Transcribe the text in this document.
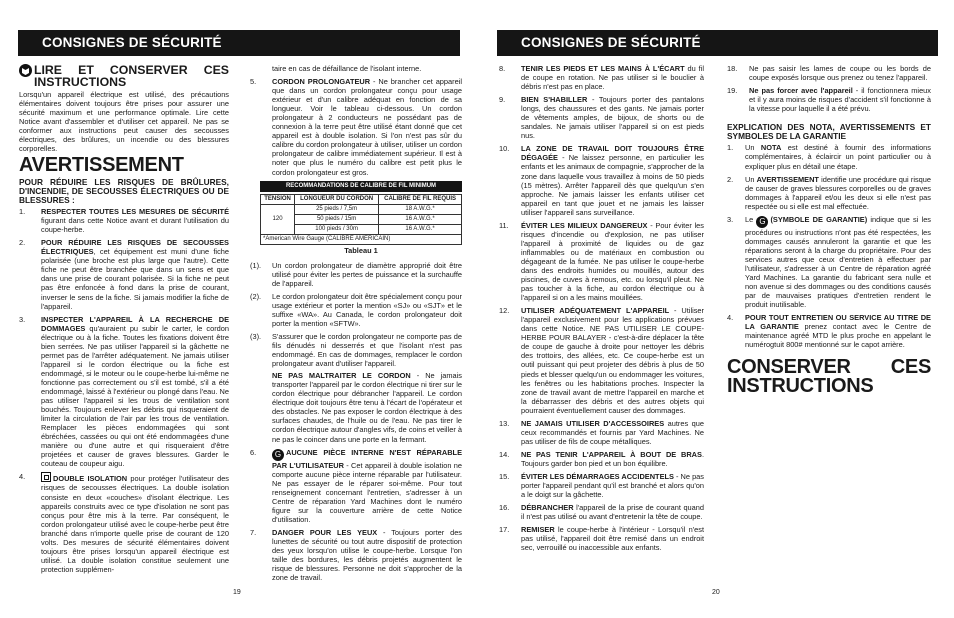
CONSIGNES DE SÉCURITÉ	CONSIGNES DE SÉCURITÉ
LIRE ET CONSERVER CES INSTRUCTIONS
Lorsqu'un appareil électrique est utilisé, des précautions élémentaires doivent toujours être prises pour assurer une sécurité maximum et une performance optimale. Lire cette Notice avant d'assembler et d'utiliser cet appareil. Ne pas se conformer aux instructions peut causer des secousses électriques, des brûlures, un incendie ou des blessures corporelles.
AVERTISSEMENT
POUR RÉDUIRE LES RISQUES DE BRÛLURES, D'INCENDIE, DE SECOUSSES ÉLECTRIQUES OU DE BLESSURES :
1.	RESPECTER TOUTES LES MESURES DE SÉCURITÉ figurant dans cette Notice avant et durant l'utilisation du coupe-herbe.
2.	POUR RÉDUIRE LES RISQUES DE SECOUSSES ÉLECTRIQUES, cet équipement est muni d'une fiche polarisée (une broche est plus large que l'autre). Cette fiche ne peut être branchée que dans un sens et que dans une prise de courant polarisée. Si la fiche ne peut pas être enfoncée à fond dans la prise de courant, inverser le sens de la fiche. Si jamais modifier la fiche de l'appareil.
3.	INSPECTER L'APPAREIL À LA RECHERCHE DE DOMMAGES qu'auraient pu subir le carter, le cordon électrique ou à la fiche. Toutes les fixations doivent être bien serrées. Ne pas utiliser l'appareil si la gâchette ne permet pas de l'arrêter adéquatement. Ne jamais utiliser l'appareil si le cordon électrique ou la fiche est endommagé, si le moteur ou le coupe-herbe lui-même ne fonctionne pas correctement ou s'il est tombé, s'il a été endommagé, laissé à l'extérieur ou plongé dans l'eau. Ne pas utiliser l'appareil si les trous de ventilation sont bouchés. Toujours enlever les débris qui risqueraient de limiter la circulation de l'air par les trous de ventilation. Remplacer les pièces endommagées qui sont ébréchées, cassées ou qui ont été endommagées d'une manière ou d'une autre et qui risqueraient d'être projetées et causer de graves blessures. Garder le couteau de coupeur aigu.
4.	DOUBLE ISOLATION pour protéger l'utilisateur des risques de secousses électriques. La double isolation consiste en deux «couches» d'isolant électrique. Les appareils construits avec ce type d'isolation ne sont pas conçus pour être mis à la terre. Par conséquent, le cordon prolongateur utilisé avec le coupe-herbe peut être branché dans n'importe quelle prise de courant de 120 volts. Des mesures de sécurité élémentaires doivent toujours être prises lorsqu'un appareil électrique est utilisé. La double isolation constitue seulement une protection supplémen-
taire en cas de défaillance de l'isolant interne.
5.	CORDON PROLONGATEUR - Ne brancher cet appareil que dans un cordon prolongateur conçu pour usage extérieur et d'un calibre adéquat en fonction de sa longueur. Voir le tableau ci-dessous. Un cordon prolongateur à 2 conducteurs ne possédant pas de connexion à la terre peut être utilisé étant donné que cet appareil est à double isolation. Si l'on n'est pas sûr du calibre du cordon prolongateur à utiliser, utiliser un cordon prolongateur de calibre immédiatement supérieur. Il est à noter que plus le numéro du calibre est petit plus le cordon prolongateur est gros.
RECOMMANDATIONS DE CALIBRE DE FIL MINIMUM
TENSION	LONGUEUR DU CORDON	CALIBRE DE FIL REQUIS
120	25 pieds / 7,5m	18 A.W.G.*
	50 pieds / 15m	16 A.W.G.*
	100 pieds / 30m	16 A.W.G.*
*American Wire Gauge (CALIBRE AMERICAIN)		
Tableau 1
(1).	Un cordon prolongateur de diamètre approprié doit être utilisé pour éviter les pertes de puissance et la surchauffe de l'appareil.
(2).	Le cordon prolongateur doit être spécialement conçu pour usage extérieur et porter la mention «SJ» ou «SJT» et le suffixe «WA». Au Canada, le cordon prolongateur doit porter la mention «SFTW».
(3).	S'assurer que le cordon prolongateur ne comporte pas de fils dénudés ni desserrés et que l'isolant n'est pas endommagé. En cas de dommages, remplacer le cordon prolongateur avant d'utiliser l'appareil.
NE PAS MALTRAITER LE CORDON - Ne jamais transporter l'appareil par le cordon électrique ni tirer sur le cordon électrique pour débrancher l'appareil. Le cordon électrique doit toujours être tenu à l'écart de l'opérateur et des obstacles. Ne pas exposer le cordon électrique à des surfaces chaudes, de l'huile ou de l'eau. Ne pas tirer le cordon électrique autour d'angles vifs, de coins et veiller à ne pas le coincer dans une porte en la fermant.
6.	G AUCUNE PIÈCE INTERNE N'EST RÉPARABLE PAR L'UTILISATEUR - Cet appareil à double isolation ne comporte aucune pièce interne réparable par l'utilisateur. Ne pas essayer de le réparer soi-même. Pour tout renseignement concernant l'entretien, s'adresser à un Centre de réparation Yard Machines dont le numéro figure sur la couverture arrière de cette Notice d'utilisation.
7.	DANGER POUR LES YEUX - Toujours porter des lunettes de sécurité ou tout autre dispositif de protection des yeux lorsqu'on utilise le coupe-herbe. Lorsque l'on taille des bordures, les débris projetés augmentent le risque de blessures. Personne ne doit s'approcher de la zone de travail.
19
8.	TENIR LES PIEDS ET LES MAINS À L'ÉCART du fil de coupe en rotation. Ne pas utiliser si le bouclier à débris n'est pas en place.
9.	BIEN S'HABILLER - Toujours porter des pantalons longs, des chaussures et des gants. Ne jamais porter de vêtements amples, de bijoux, de shorts ou de sandales. Ne jamais utiliser l'appareil si on est pieds nus.
10.	LA ZONE DE TRAVAIL DOIT TOUJOURS ÊTRE DÉGAGÉE - Ne laissez personne, en particulier les enfants et les animaux de compagnie, s'approcher de la zone dans laquelle vous travaillez à moins de 50 pieds (15 mètres). Arrêter l'appareil dès que quelqu'un s'en approche. Ne jamais laisser les enfants utiliser cet appareil en tant que jouet et ne jamais les laisser utiliser l'appareil sans surveillance.
11.	ÉVITER LES MILIEUX DANGEREUX - Pour éviter les risques d'incendie ou d'explosion, ne pas utiliser l'appareil à proximité de liquides ou de gaz inflammables ou de matériaux en combustion ou dégageant de la fumée. Ne pas utiliser le coupe-herbe dans des endroits humides ou mouillés, autour des piscines, de cuves à remous, etc. ou lorsqu'il pleut. Ne pas toucher à la fiche, au cordon électrique ou à l'appareil si on a les mains mouillées.
12.	UTILISER ADÉQUATEMENT L'APPAREIL - Utiliser l'appareil exclusivement pour les applications prévues dans cette Notice. NE PAS UTILISER LE COUPE-HERBE POUR BALAYER - c'est-à-dire déplacer la tête de coupe de gauche à droite pour nettoyer les débris des trottoirs, des allées, etc. Ce coupe-herbe est un outil puissant qui peut projeter des débris à plus de 50 pieds et blesser quelqu'un ou endommager les voitures, les fenêtres ou les habitations proches. Inspecter la zone de travail avant de mettre l'appareil en marche et la débarrasser des débris et des autres objets qui pourraient éventuellement causer des dommages.
13.	NE JAMAIS UTILISER D'ACCESSOIRES autres que ceux recommandés et fournis par Yard Machines. Ne pas utiliser de fils de coupe métalliques.
14.	NE PAS TENIR L'APPAREIL À BOUT DE BRAS. Toujours garder bon pied et un bon équilibre.
15.	ÉVITER LES DÉMARRAGES ACCIDENTELS - Ne pas porter l'appareil pendant qu'il est branché et alors qu'on a le doigt sur la gâchette.
16.	DÉBRANCHER l'appareil de la prise de courant quand il n'est pas utilisé ou avant d'entretenir la tête de coupe.
17.	REMISER le coupe-herbe à l'intérieur - Lorsqu'il n'est pas utilisé, l'appareil doit être remisé dans un endroit sec, verrouillé ou inaccessible aux enfants.
20
18.	Ne pas saisir les lames de coupe ou les bords de coupe exposés lorsque ous prenez ou tenez l'appareil.
19.	Ne pas forcer avec l'appareil - il fonctionnera mieux et il y aura moins de risques d'accident s'il fonctionne à la vitesse pour laquelle il a été prévu.
EXPLICATION DES NOTA, AVERTISSEMENTS ET SYMBOLES DE LA GARANTIE
1.	Un NOTA est destiné à fournir des informations complémentaires, à éclaircir un point particulier ou à expliquer plus en détail une étape.
2.	Un AVERTISSEMENT identifie une procédure qui risque de causer de graves blessures corporelles ou de graves dommages à l'appareil et/ou les deux si elle n'est pas respectée ou si elle est mal effectuée.
3.	Le G (SYMBOLE DE GARANTIE) indique que si les procédures ou instructions n'ont pas été respectées, les dommages causés annuleront la garantie et que les réparations seront à la charge du propriétaire. Pour des services autres que ceux d'entretien à effectuer par l'utilisateur, s'adresser à un Centre de réparation agréé Yard Machines. La garantie du fabricant sera nulle et non avenue si des dommages ou des conditions causés par de mauvaises pratiques d'entretien rendent le produit inutilisable.
4.	POUR TOUT ENTRETIEN OU SERVICE AU TITRE DE LA GARANTIE prenez contact avec le Centre de maintenance agréé MTD le plus proche en appelant le numérogtuit 800# mentionné sur le capot arrière.
CONSERVER CES INSTRUCTIONS
